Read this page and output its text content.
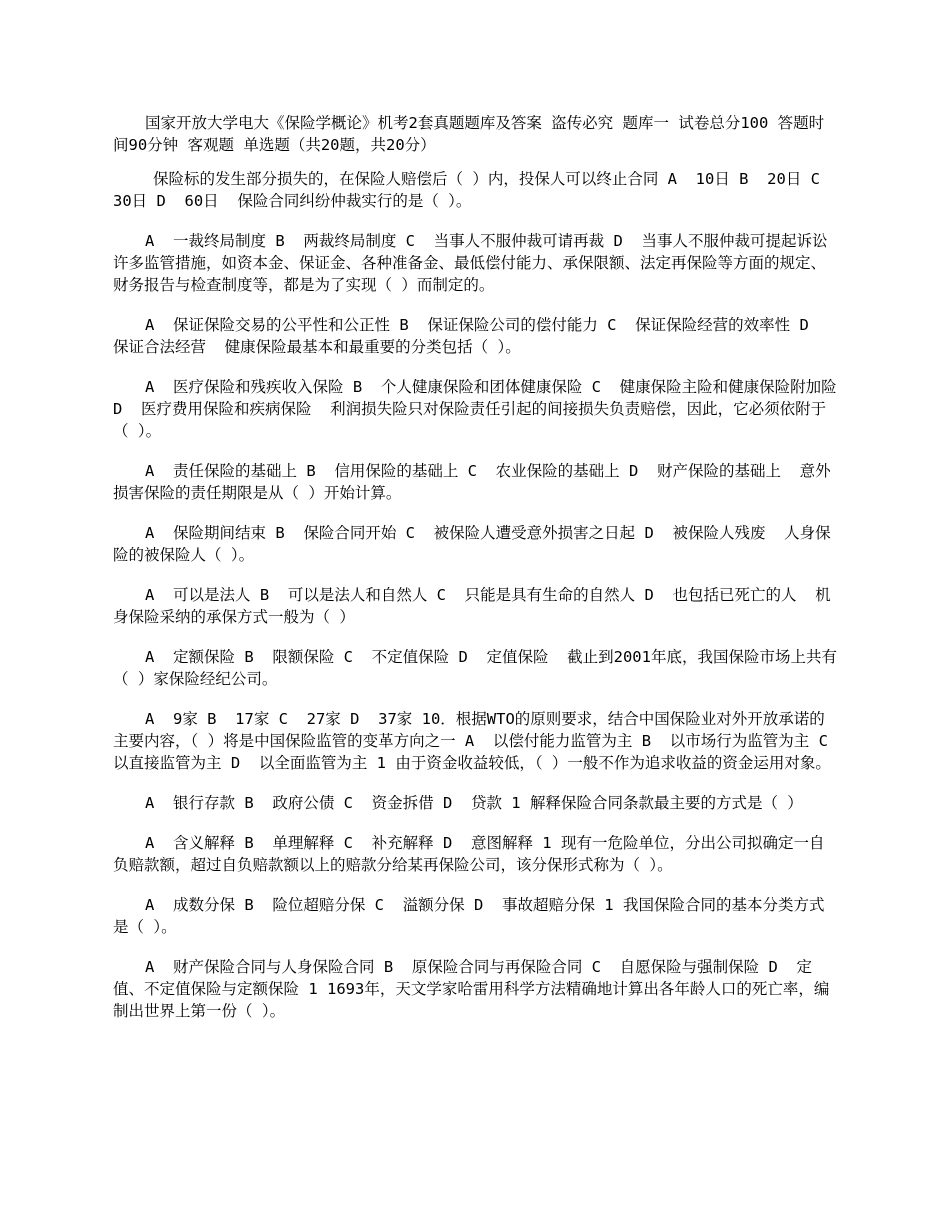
国家开放大学电大《保险学概论》机考2套真题题库及答案 盗传必究 题库一 试卷总分100 答题时间90分钟 客观题 单选题（共20题，共20分）

保险标的发生部分损失的，在保险人赔偿后（ ）内，投保人可以终止合同 A  10日 B  20日 C  30日 D  60日  保险合同纠纷仲裁实行的是（ ）。

A  一裁终局制度 B  两裁终局制度 C  当事人不服仲裁可请再裁 D  当事人不服仲裁可提起诉讼  许多监管措施，如资本金、保证金、各种准备金、最低偿付能力、承保限额、法定再保险等方面的规定、财务报告与检查制度等，都是为了实现（ ）而制定的。

A  保证保险交易的公平性和公正性 B  保证保险公司的偿付能力 C  保证保险经营的效率性 D  保证合法经营  健康保险最基本和最重要的分类包括（ ）。

A  医疗保险和残疾收入保险 B  个人健康保险和团体健康保险 C  健康保险主险和健康保险附加险 D  医疗费用保险和疾病保险  利润损失险只对保险责任引起的间接损失负责赔偿，因此，它必须依附于（ ）。

A  责任保险的基础上 B  信用保险的基础上 C  农业保险的基础上 D  财产保险的基础上  意外损害保险的责任期限是从（ ）开始计算。

A  保险期间结束 B  保险合同开始 C  被保险人遭受意外损害之日起 D  被保险人残废  人身保险的被保险人（ ）。

A  可以是法人 B  可以是法人和自然人 C  只能是具有生命的自然人 D  也包括已死亡的人  机身保险采纳的承保方式一般为（ ）

A  定额保险 B  限额保险 C  不定值保险 D  定值保险  截止到2001年底，我国保险市场上共有（ ）家保险经纪公司。

A  9家 B  17家 C  27家 D  37家 10．根据WTO的原则要求，结合中国保险业对外开放承诺的主要内容，（ ）将是中国保险监管的变革方向之一 A  以偿付能力监管为主 B  以市场行为监管为主 C  以直接监管为主 D  以全面监管为主 1 由于资金收益较低，（ ）一般不作为追求收益的资金运用对象。

A  银行存款 B  政府公债 C  资金拆借 D  贷款 1 解释保险合同条款最主要的方式是（ ）

A  含义解释 B  单理解释 C  补充解释 D  意图解释 1 现有一危险单位，分出公司拟确定一自负赔款额，超过自负赔款额以上的赔款分给某再保险公司，该分保形式称为（ ）。

A  成数分保 B  险位超赔分保 C  溢额分保 D  事故超赔分保 1 我国保险合同的基本分类方式是（ ）。

A  财产保险合同与人身保险合同 B  原保险合同与再保险合同 C  自愿保险与强制保险 D  定值、不定值保险与定额保险 1 1693年，天文学家哈雷用科学方法精确地计算出各年龄人口的死亡率，编制出世界上第一份（ ）。
